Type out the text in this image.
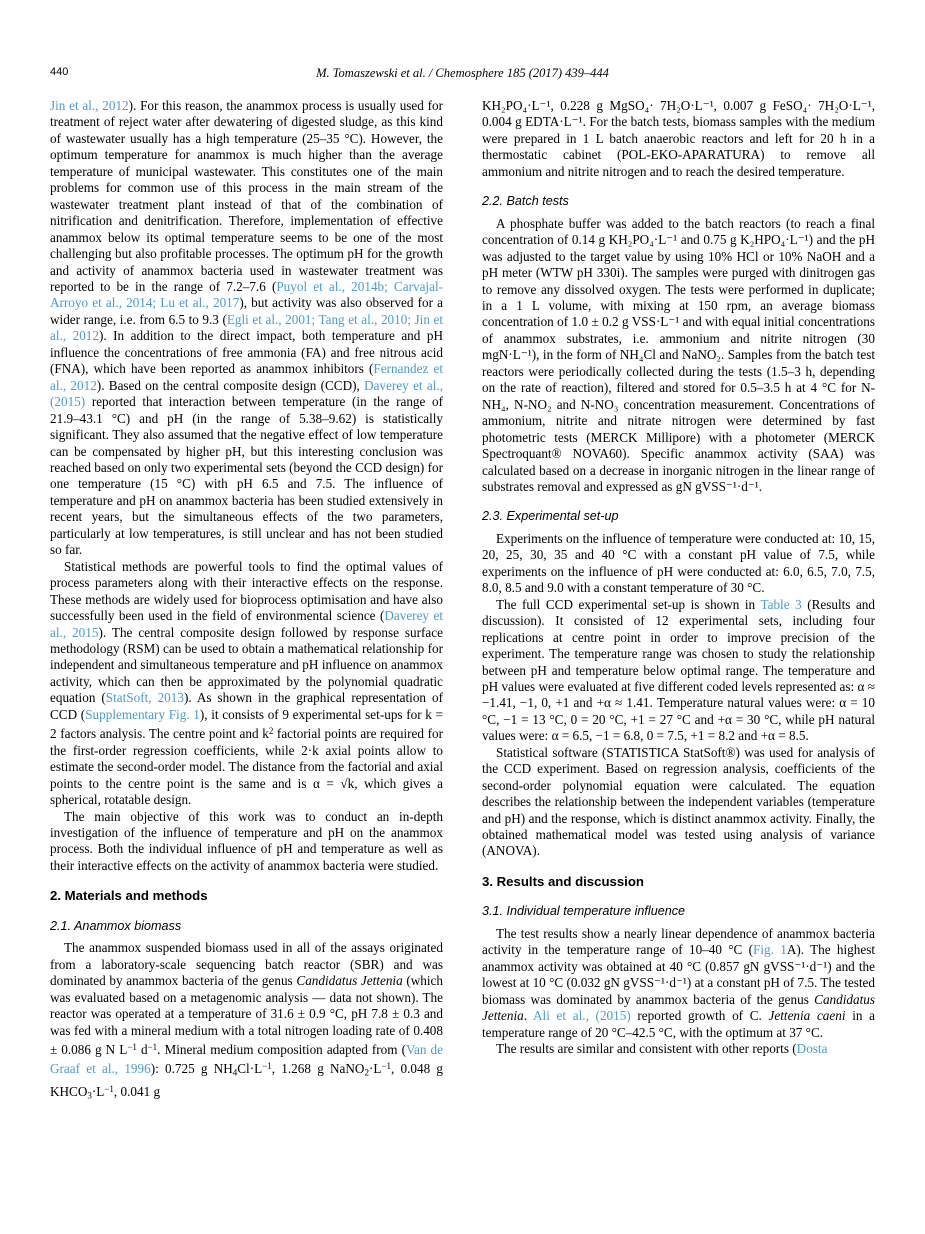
440	M. Tomaszewski et al. / Chemosphere 185 (2017) 439–444

Jin et al., 2012). For this reason, the anammox process is usually used for treatment of reject water after dewatering of digested sludge, as this kind of wastewater usually has a high temperature (25–35 °C). However, the optimum temperature for anammox is much higher than the average temperature of municipal wastewater. This constitutes one of the main problems for common use of this process in the main stream of the wastewater treatment plant instead of that of the combination of nitrification and denitrification. Therefore, implementation of effective anammox below its optimal temperature seems to be one of the most challenging but also profitable processes. The optimum pH for the growth and activity of anammox bacteria used in wastewater treatment was reported to be in the range of 7.2–7.6 (Puyol et al., 2014b; Carvajal-Arroyo et al., 2014; Lu et al., 2017), but activity was also observed for a wider range, i.e. from 6.5 to 9.3 (Egli et al., 2001; Tang et al., 2010; Jin et al., 2012). In addition to the direct impact, both temperature and pH influence the concentrations of free ammonia (FA) and free nitrous acid (FNA), which have been reported as anammox inhibitors (Fernandez et al., 2012). Based on the central composite design (CCD), Daverey et al., (2015) reported that interaction between temperature (in the range of 21.9–43.1 °C) and pH (in the range of 5.38–9.62) is statistically significant. They also assumed that the negative effect of low temperature can be compensated by higher pH, but this interesting conclusion was reached based on only two experimental sets (beyond the CCD design) for one temperature (15 °C) with pH 6.5 and 7.5. The influence of temperature and pH on anammox bacteria has been studied extensively in recent years, but the simultaneous effects of the two parameters, particularly at low temperatures, is still unclear and has not been studied so far.

Statistical methods are powerful tools to find the optimal values of process parameters along with their interactive effects on the response. These methods are widely used for bioprocess optimisation and have also successfully been used in the field of environmental science (Daverey et al., 2015). The central composite design followed by response surface methodology (RSM) can be used to obtain a mathematical relationship for independent and simultaneous temperature and pH influence on anammox activity, which can then be approximated by the polynomial quadratic equation (StatSoft, 2013). As shown in the graphical representation of CCD (Supplementary Fig. 1), it consists of 9 experimental set-ups for k = 2 factors analysis. The centre point and $k^2$ factorial points are required for the first-order regression coefficients, while 2·k axial points allow to estimate the second-order model. The distance from the factorial and axial points to the centre point is the same and is α = √k, which gives a spherical, rotatable design.

The main objective of this work was to conduct an in-depth investigation of the influence of temperature and pH on the anammox process. Both the individual influence of pH and temperature as well as their interactive effects on the activity of anammox bacteria were studied.

2. Materials and methods

2.1. Anammox biomass

The anammox suspended biomass used in all of the assays originated from a laboratory-scale sequencing batch reactor (SBR) and was dominated by anammox bacteria of the genus Candidatus Jettenia (which was evaluated based on a metagenomic analysis — data not shown). The reactor was operated at a temperature of 31.6 ± 0.9 °C, pH 7.8 ± 0.3 and was fed with a mineral medium with a total nitrogen loading rate of 0.408 ± 0.086 g N $L^{-1}$ $d^{-1}$. Mineral medium composition adapted from (Van de Graaf et al., 1996): 0.725 g $NH_4Cl\cdot L^{-1}$, 1.268 g $NaNO_2\cdot L^{-1}$, 0.048 g $KHCO_3\cdot L^{-1}$, 0.041 g

KH₂PO₄·L⁻¹, 0.228 g MgSO₄· 7H₂O·L⁻¹, 0.007 g FeSO₄· 7H₂O·L⁻¹, 0.004 g EDTA·L⁻¹. For the batch tests, biomass samples with the medium were prepared in 1 L batch anaerobic reactors and left for 20 h in a thermostatic cabinet (POL-EKO-APARATURA) to remove all ammonium and nitrite nitrogen and to reach the desired temperature.

2.2. Batch tests

A phosphate buffer was added to the batch reactors (to reach a final concentration of 0.14 g KH₂PO₄·L⁻¹ and 0.75 g K₂HPO₄·L⁻¹) and the pH was adjusted to the target value by using 10% HCl or 10% NaOH and a pH meter (WTW pH 330i). The samples were purged with dinitrogen gas to remove any dissolved oxygen. The tests were performed in duplicate; in a 1 L volume, with mixing at 150 rpm, an average biomass concentration of 1.0 ± 0.2 g VSS·L⁻¹ and with equal initial concentrations of anammox substrates, i.e. ammonium and nitrite nitrogen (30 mgN·L⁻¹), in the form of NH₄Cl and NaNO₂. Samples from the batch test reactors were periodically collected during the tests (1.5–3 h, depending on the rate of reaction), filtered and stored for 0.5–3.5 h at 4 °C for N-NH₄, N-NO₂ and N-NO₃ concentration measurement. Concentrations of ammonium, nitrite and nitrate nitrogen were determined by fast photometric tests (MERCK Millipore) with a photometer (MERCK Spectroquant® NOVA60). Specific anammox activity (SAA) was calculated based on a decrease in inorganic nitrogen in the linear range of substrates removal and expressed as gN gVSS⁻¹·d⁻¹.

2.3. Experimental set-up

Experiments on the influence of temperature were conducted at: 10, 15, 20, 25, 30, 35 and 40 °C with a constant pH value of 7.5, while experiments on the influence of pH were conducted at: 6.0, 6.5, 7.0, 7.5, 8.0, 8.5 and 9.0 with a constant temperature of 30 °C.

The full CCD experimental set-up is shown in Table 3 (Results and discussion). It consisted of 12 experimental sets, including four replications at centre point in order to improve precision of the experiment. The temperature range was chosen to study the relationship between pH and temperature below optimal range. The temperature and pH values were evaluated at five different coded levels represented as: α ≈ −1.41, −1, 0, +1 and +α ≈ 1.41. Temperature natural values were: α = 10 °C, −1 = 13 °C, 0 = 20 °C, +1 = 27 °C and +α = 30 °C, while pH natural values were: α = 6.5, −1 = 6.8, 0 = 7.5, +1 = 8.2 and +α = 8.5.

Statistical software (STATISTICA StatSoft®) was used for analysis of the CCD experiment. Based on regression analysis, coefficients of the second-order polynomial equation were calculated. The equation describes the relationship between the independent variables (temperature and pH) and the response, which is distinct anammox activity. Finally, the obtained mathematical model was tested using analysis of variance (ANOVA).

3. Results and discussion

3.1. Individual temperature influence

The test results show a nearly linear dependence of anammox bacteria activity in the temperature range of 10–40 °C (Fig. 1A). The highest anammox activity was obtained at 40 °C (0.857 gN gVSS⁻¹·d⁻¹) and the lowest at 10 °C (0.032 gN gVSS⁻¹·d⁻¹) at a constant pH of 7.5. The tested biomass was dominated by anammox bacteria of the genus Candidatus Jettenia. Ali et al., (2015) reported growth of C. Jettenia caeni in a temperature range of 20 °C–42.5 °C, with the optimum at 37 °C.

The results are similar and consistent with other reports (Dosta
